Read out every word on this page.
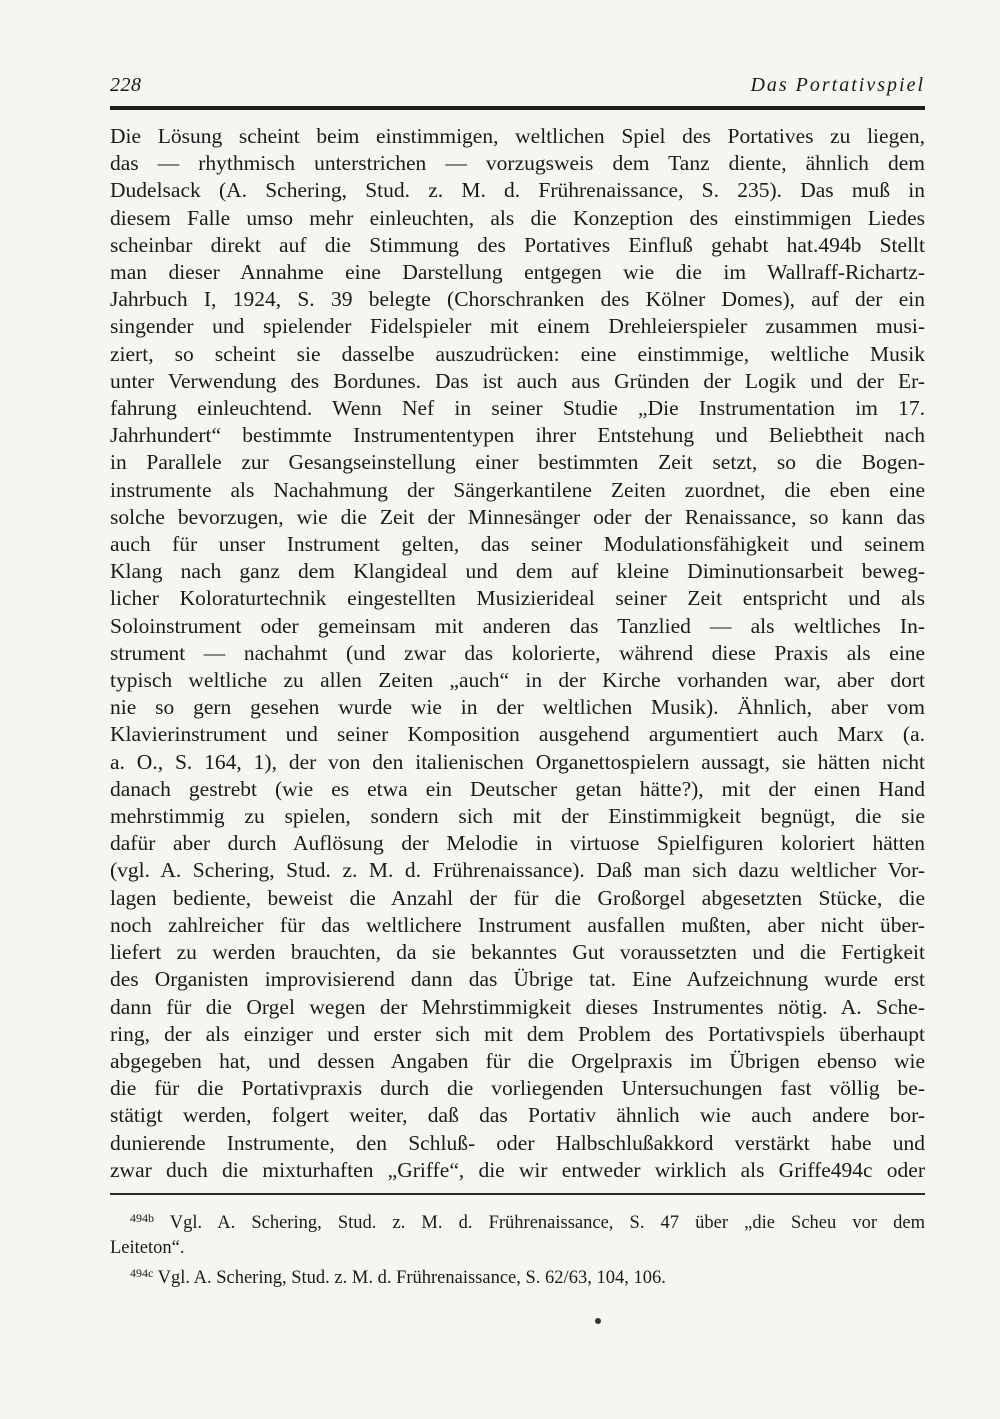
228	Das Portativspiel
Die Lösung scheint beim einstimmigen, weltlichen Spiel des Portatives zu liegen,
das — rhythmisch unterstrichen — vorzugsweis dem Tanz diente, ähnlich dem
Dudelsack (A. Schering, Stud. z. M. d. Frührenaissance, S. 235). Das muß in
diesem Falle umso mehr einleuchten, als die Konzeption des einstimmigen Liedes
scheinbar direkt auf die Stimmung des Portatives Einfluß gehabt hat.494b Stellt
man dieser Annahme eine Darstellung entgegen wie die im Wallraff-Richartz-
Jahrbuch I, 1924, S. 39 belegte (Chorschranken des Kölner Domes), auf der ein
singender und spielender Fidelspieler mit einem Drehleierspieler zusammen musi-
ziert, so scheint sie dasselbe auszudrücken: eine einstimmige, weltliche Musik
unter Verwendung des Bordunes. Das ist auch aus Gründen der Logik und der Er-
fahrung einleuchtend. Wenn Nef in seiner Studie „Die Instrumentation im 17.
Jahrhundert“ bestimmte Instrumententypen ihrer Entstehung und Beliebtheit nach
in Parallele zur Gesangseinstellung einer bestimmten Zeit setzt, so die Bogen-
instrumente als Nachahmung der Sängerkantilene Zeiten zuordnet, die eben eine
solche bevorzugen, wie die Zeit der Minnesänger oder der Renaissance, so kann das
auch für unser Instrument gelten, das seiner Modulationsfähigkeit und seinem
Klang nach ganz dem Klangideal und dem auf kleine Diminutionsarbeit beweg-
licher Koloraturtechnik eingestellten Musizierideal seiner Zeit entspricht und als
Soloinstrument oder gemeinsam mit anderen das Tanzlied — als weltliches In-
strument — nachahmt (und zwar das kolorierte, während diese Praxis als eine
typisch weltliche zu allen Zeiten „auch“ in der Kirche vorhanden war, aber dort
nie so gern gesehen wurde wie in der weltlichen Musik). Ähnlich, aber vom
Klavierinstrument und seiner Komposition ausgehend argumentiert auch Marx (a.
a. O., S. 164, 1), der von den italienischen Organettospielern aussagt, sie hätten nicht
danach gestrebt (wie es etwa ein Deutscher getan hätte?), mit der einen Hand
mehrstimmig zu spielen, sondern sich mit der Einstimmigkeit begnügt, die sie
dafür aber durch Auflösung der Melodie in virtuose Spielfiguren koloriert hätten
(vgl. A. Schering, Stud. z. M. d. Frührenaissance). Daß man sich dazu weltlicher Vor-
lagen bediente, beweist die Anzahl der für die Großorgel abgesetzten Stücke, die
noch zahlreicher für das weltlichere Instrument ausfallen mußten, aber nicht über-
liefert zu werden brauchten, da sie bekanntes Gut voraussetzten und die Fertigkeit
des Organisten improvisierend dann das Übrige tat. Eine Aufzeichnung wurde erst
dann für die Orgel wegen der Mehrstimmigkeit dieses Instrumentes nötig. A. Sche-
ring, der als einziger und erster sich mit dem Problem des Portativspiels überhaupt
abgegeben hat, und dessen Angaben für die Orgelpraxis im Übrigen ebenso wie
die für die Portativpraxis durch die vorliegenden Untersuchungen fast völlig be-
stätigt werden, folgert weiter, daß das Portativ ähnlich wie auch andere bor-
dunierende Instrumente, den Schluß- oder Halbschlußakkord verstärkt habe und
zwar duch die mixturhaften „Griffe“, die wir entweder wirklich als Griffe494c oder
$^{494b}$ Vgl. A. Schering, Stud. z. M. d. Frührenaissance, S. 47 über „die Scheu vor dem
Leiteton“.
$^{494c}$ Vgl. A. Schering, Stud. z. M. d. Frührenaissance, S. 62/63, 104, 106.
